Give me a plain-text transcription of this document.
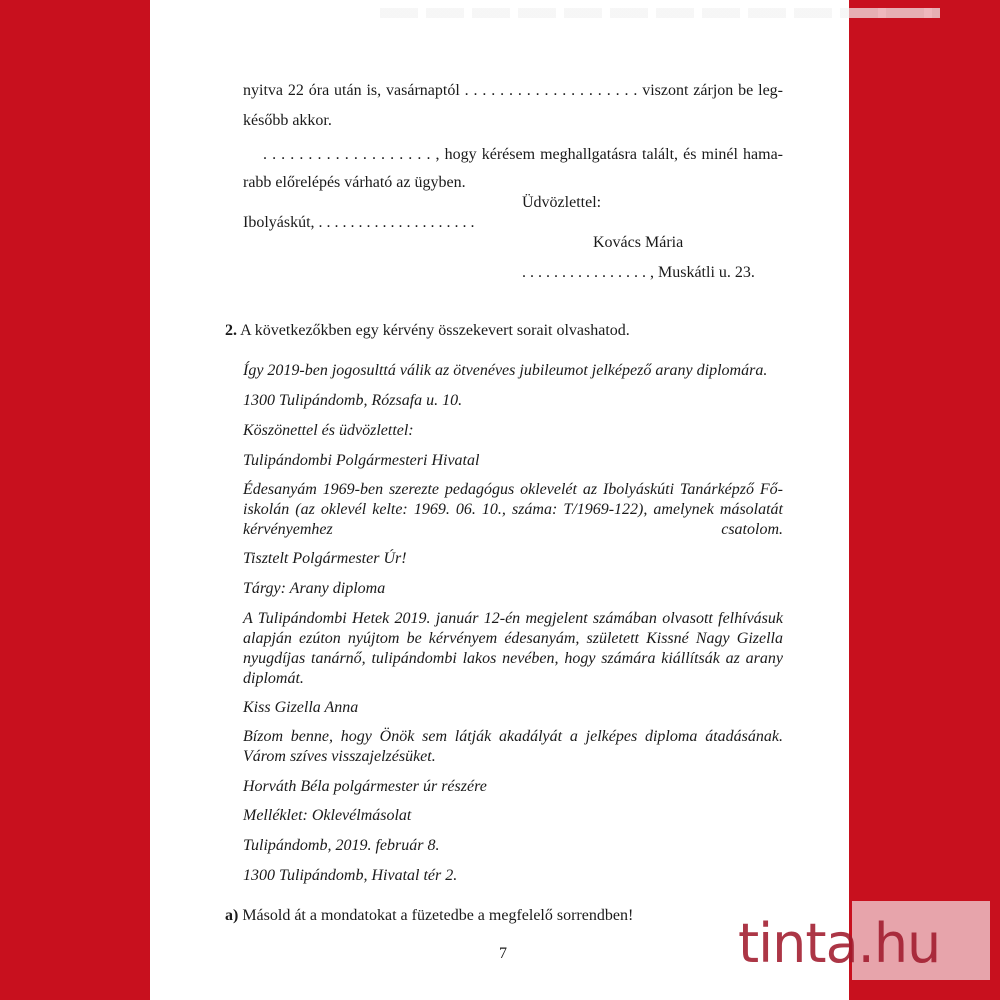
nyitva 22 óra után is, vasárnaptól . . . . . . . . . . . . . . . . . . . . viszont zárjon be leg-
később akkor.
. . . . . . . . . . . . . . . . . . . , hogy kérésem meghallgatásra talált, és minél hama-
rabb előrelépés várható az ügyben.
Üdvözlettel:
Ibolyáskút, . . . . . . . . . . . . . . . . . . . .
Kovács Mária
. . . . . . . . . . . . . . . . , Muskátli u. 23.
2. A következőkben egy kérvény összekevert sorait olvashatod.
Így 2019-ben jogosulttá válik az ötvenéves jubileumot jelképező arany diplomára.
1300 Tulipándomb, Rózsafa u. 10.
Köszönettel és üdvözlettel:
Tulipándombi Polgármesteri Hivatal
Édesanyám 1969-ben szerezte pedagógus oklevelét az Ibolyáskúti Tanárképző Fő-iskolán (az oklevél kelte: 1969. 06. 10., száma: T/1969-122), amelynek másolatát kérvényemhez csatolom.
Tisztelt Polgármester Úr!
Tárgy: Arany diploma
A Tulipándombi Hetek 2019. január 12-én megjelent számában olvasott felhívásuk alapján ezúton nyújtom be kérvényem édesanyám, született Kissné Nagy Gizella nyugdíjas tanárnő, tulipándombi lakos nevében, hogy számára kiállítsák az arany diplomát.
Kiss Gizella Anna
Bízom benne, hogy Önök sem látják akadályát a jelképes diploma átadásának. Várom szíves visszajelzésüket.
Horváth Béla polgármester úr részére
Melléklet: Oklevélmásolat
Tulipándomb, 2019. február 8.
1300 Tulipándomb, Hivatal tér 2.
a) Másold át a mondatokat a füzetedbe a megfelelő sorrendben!
7	tinta.hu
